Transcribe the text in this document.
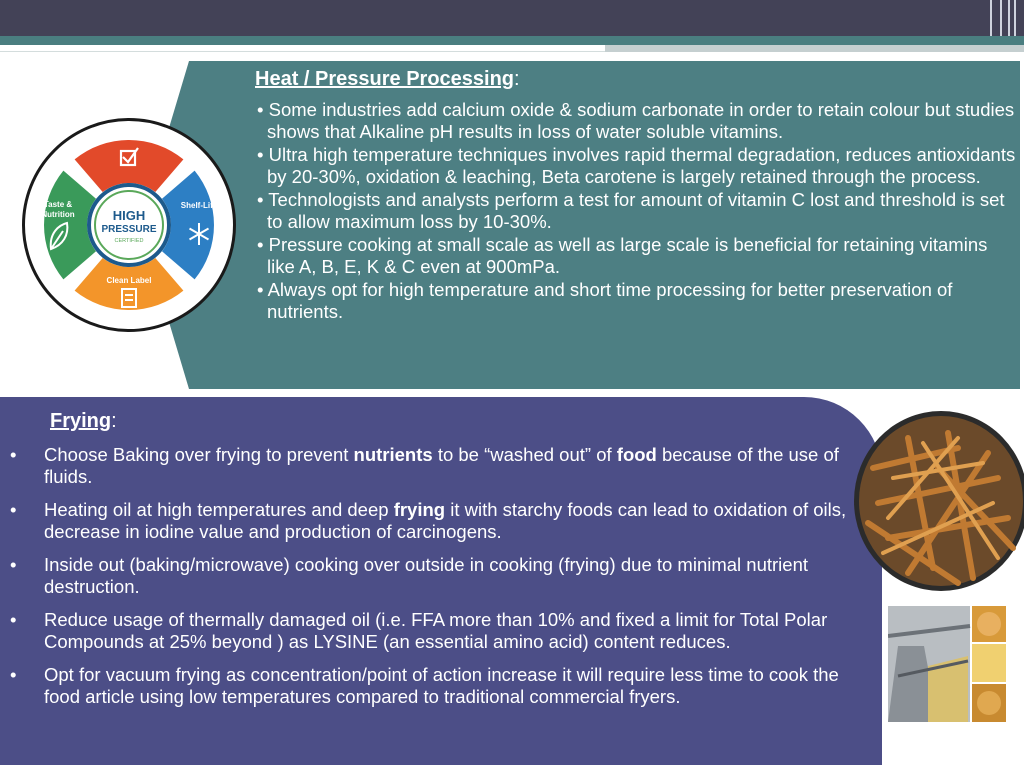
Heat / Pressure Processing:
• Some industries add calcium oxide & sodium carbonate in order to retain colour but studies shows that Alkaline pH results in loss of water soluble vitamins.
• Ultra high temperature techniques involves rapid thermal degradation, reduces antioxidants by 20-30%, oxidation & leaching, Beta carotene is largely retained through the process.
• Technologists and analysts perform a test for amount of vitamin C lost and threshold is set to allow maximum loss by 10-30%.
• Pressure cooking at small scale as well as large scale is beneficial for retaining vitamins like A, B, E, K & C even at 900mPa.
• Always opt for high temperature and short time processing for better preservation of nutrients.
HIGH
PRESSURE
CERTIFIED
Food Safety
Shelf-Life
Clean Label
Taste &
Nutrition
Frying:
• Choose Baking over frying to prevent nutrients to be “washed out” of food because of the use of fluids.
• Heating oil at high temperatures and deep frying it with starchy foods can lead to oxidation of oils, decrease in iodine value and production of carcinogens.
• Inside out (baking/microwave) cooking over outside in cooking (frying) due to minimal nutrient destruction.
• Reduce usage of thermally damaged oil (i.e. FFA more than 10% and fixed a limit for Total Polar Compounds at 25% beyond ) as LYSINE (an essential amino acid) content reduces.
• Opt for vacuum frying as concentration/point of action increase it will require less time to cook the food article using low temperatures compared to traditional commercial fryers.
